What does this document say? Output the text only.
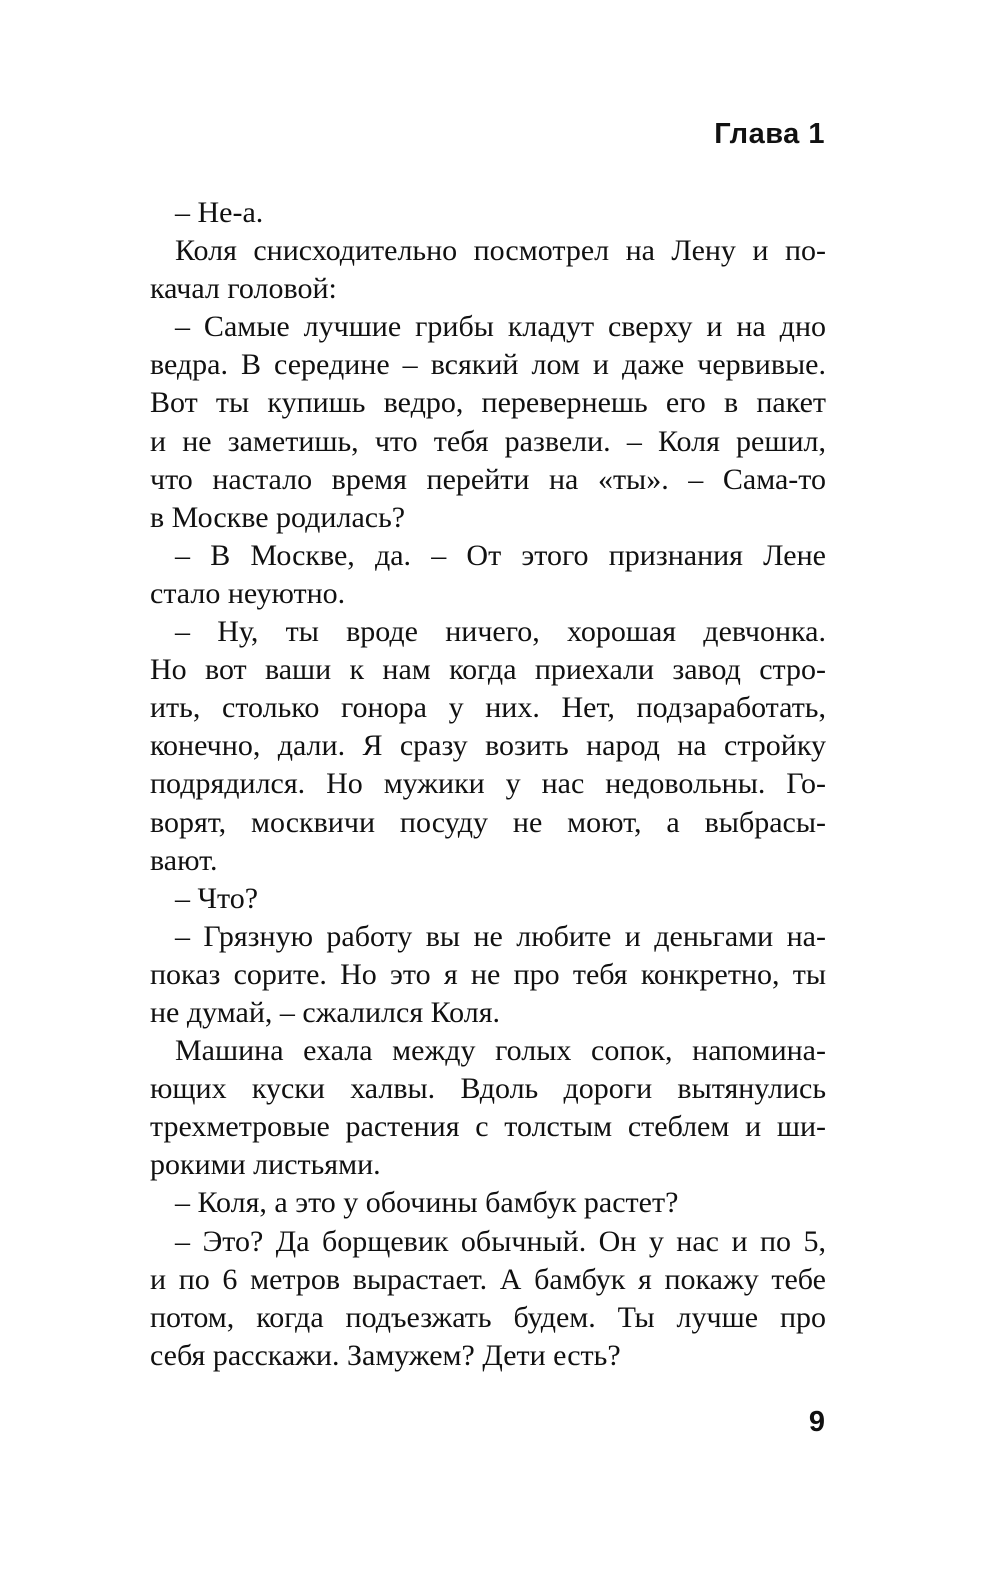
Глава 1
– Не-а.
Коля снисходительно посмотрел на Лену и по-
качал головой:
– Самые лучшие грибы кладут сверху и на дно
ведра. В середине – всякий лом и даже червивые.
Вот ты купишь ведро, перевернешь его в пакет
и не заметишь, что тебя развели. – Коля решил,
что настало время перейти на «ты». – Сама-то
в Москве родилась?
– В Москве, да. – От этого признания Лене
стало неуютно.
– Ну, ты вроде ничего, хорошая девчонка.
Но вот ваши к нам когда приехали завод стро-
ить, столько гонора у них. Нет, подзаработать,
конечно, дали. Я сразу возить народ на стройку
подрядился. Но мужики у нас недовольны. Го-
ворят, москвичи посуду не моют, а выбрасы-
вают.
– Что?
– Грязную работу вы не любите и деньгами на-
показ сорите. Но это я не про тебя конкретно, ты
не думай, – сжалился Коля.
Машина ехала между голых сопок, напомина-
ющих куски халвы. Вдоль дороги вытянулись
трехметровые растения с толстым стеблем и ши-
рокими листьями.
– Коля, а это у обочины бамбук растет?
– Это? Да борщевик обычный. Он у нас и по 5,
и по 6 метров вырастает. А бамбук я покажу тебе
потом, когда подъезжать будем. Ты лучше про
себя расскажи. Замужем? Дети есть?
9
